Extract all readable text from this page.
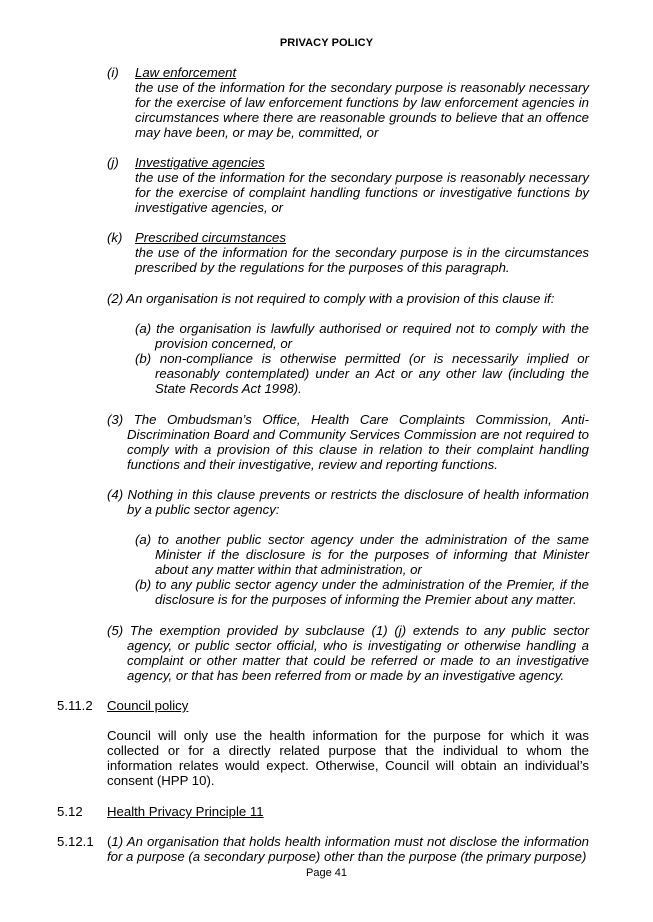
PRIVACY POLICY
(i)	Law enforcement
the use of the information for the secondary purpose is reasonably necessary for the exercise of law enforcement functions by law enforcement agencies in circumstances where there are reasonable grounds to believe that an offence may have been, or may be, committed, or
(j)	Investigative agencies
the use of the information for the secondary purpose is reasonably necessary for the exercise of complaint handling functions or investigative functions by investigative agencies, or
(k) Prescribed circumstances
the use of the information for the secondary purpose is in the circumstances prescribed by the regulations for the purposes of this paragraph.
(2) An organisation is not required to comply with a provision of this clause if:
(a) the organisation is lawfully authorised or required not to comply with the provision concerned, or
(b) non-compliance is otherwise permitted (or is necessarily implied or reasonably contemplated) under an Act or any other law (including the State Records Act 1998).
(3) The Ombudsman’s Office, Health Care Complaints Commission, Anti-Discrimination Board and Community Services Commission are not required to comply with a provision of this clause in relation to their complaint handling functions and their investigative, review and reporting functions.
(4) Nothing in this clause prevents or restricts the disclosure of health information by a public sector agency:
(a) to another public sector agency under the administration of the same Minister if the disclosure is for the purposes of informing that Minister about any matter within that administration, or
(b) to any public sector agency under the administration of the Premier, if the disclosure is for the purposes of informing the Premier about any matter.
(5) The exemption provided by subclause (1) (j) extends to any public sector agency, or public sector official, who is investigating or otherwise handling a complaint or other matter that could be referred or made to an investigative agency, or that has been referred from or made by an investigative agency.
5.11.2 Council policy
Council will only use the health information for the purpose for which it was collected or for a directly related purpose that the individual to whom the information relates would expect. Otherwise, Council will obtain an individual’s consent (HPP 10).
5.12 Health Privacy Principle 11
5.12.1 (1) An organisation that holds health information must not disclose the information for a purpose (a secondary purpose) other than the purpose (the primary purpose)
Page 41
